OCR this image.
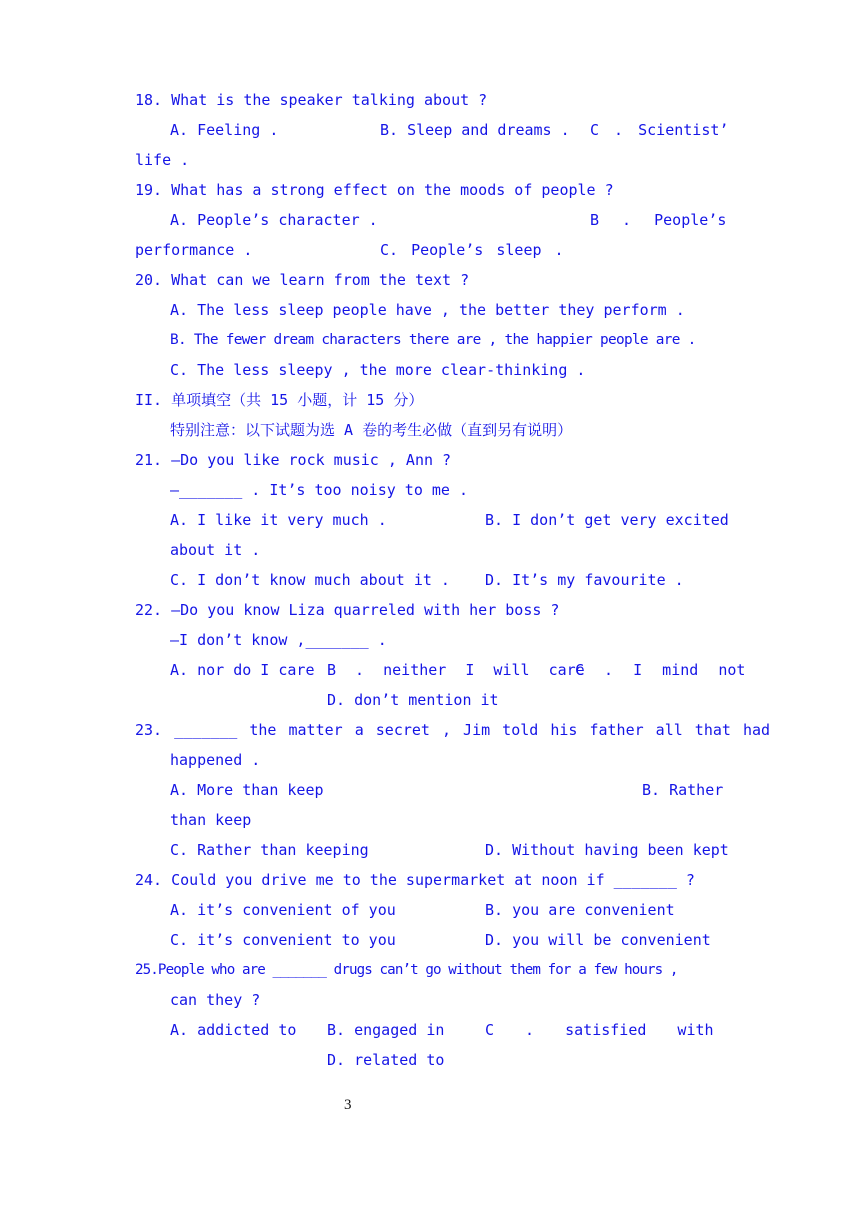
18. What is the speaker talking about ?
A. Feeling .	B. Sleep and dreams . C . Scientist’
life .
19. What has a strong effect on the moods of people ?
A. People’s character .	B . People’s
performance .	C. People’s sleep .
20. What can we learn from the text ?
A. The less sleep people have , the better they perform .
B. The fewer dream characters there are , the happier people are .
C. The less sleepy , the more clear-thinking .
II. 单项填空（共 15 小题，计 15 分）
特别注意：以下试题为选 A 卷的考生必做（直到另有说明）
21. —Do you like rock music , Ann ?
—_______ . It’s too noisy to me .
A. I like it very much .	B. I don’t get very excited
about it .
C. I don’t know much about it . D. It’s my favourite .
22. —Do you know Liza quarreled with her boss ?
—I don’t know ,_______ .
A. nor do I care B . neither I will care
C . I mind not
D. don’t mention it
23. _______ the matter a secret , Jim told his father all that had
happened .
A. More than keep	B. Rather
than keep
C. Rather than keeping	D. Without having been kept
24. Could you drive me to the supermarket at noon if _______ ?
A. it’s convenient of you	B. you are convenient
C. it’s convenient to you	D. you will be convenient
25.People who are _______ drugs can’t go without them for a few hours ,
can they ?
A. addicted to B. engaged in	C . satisfied with
D. related to
3
